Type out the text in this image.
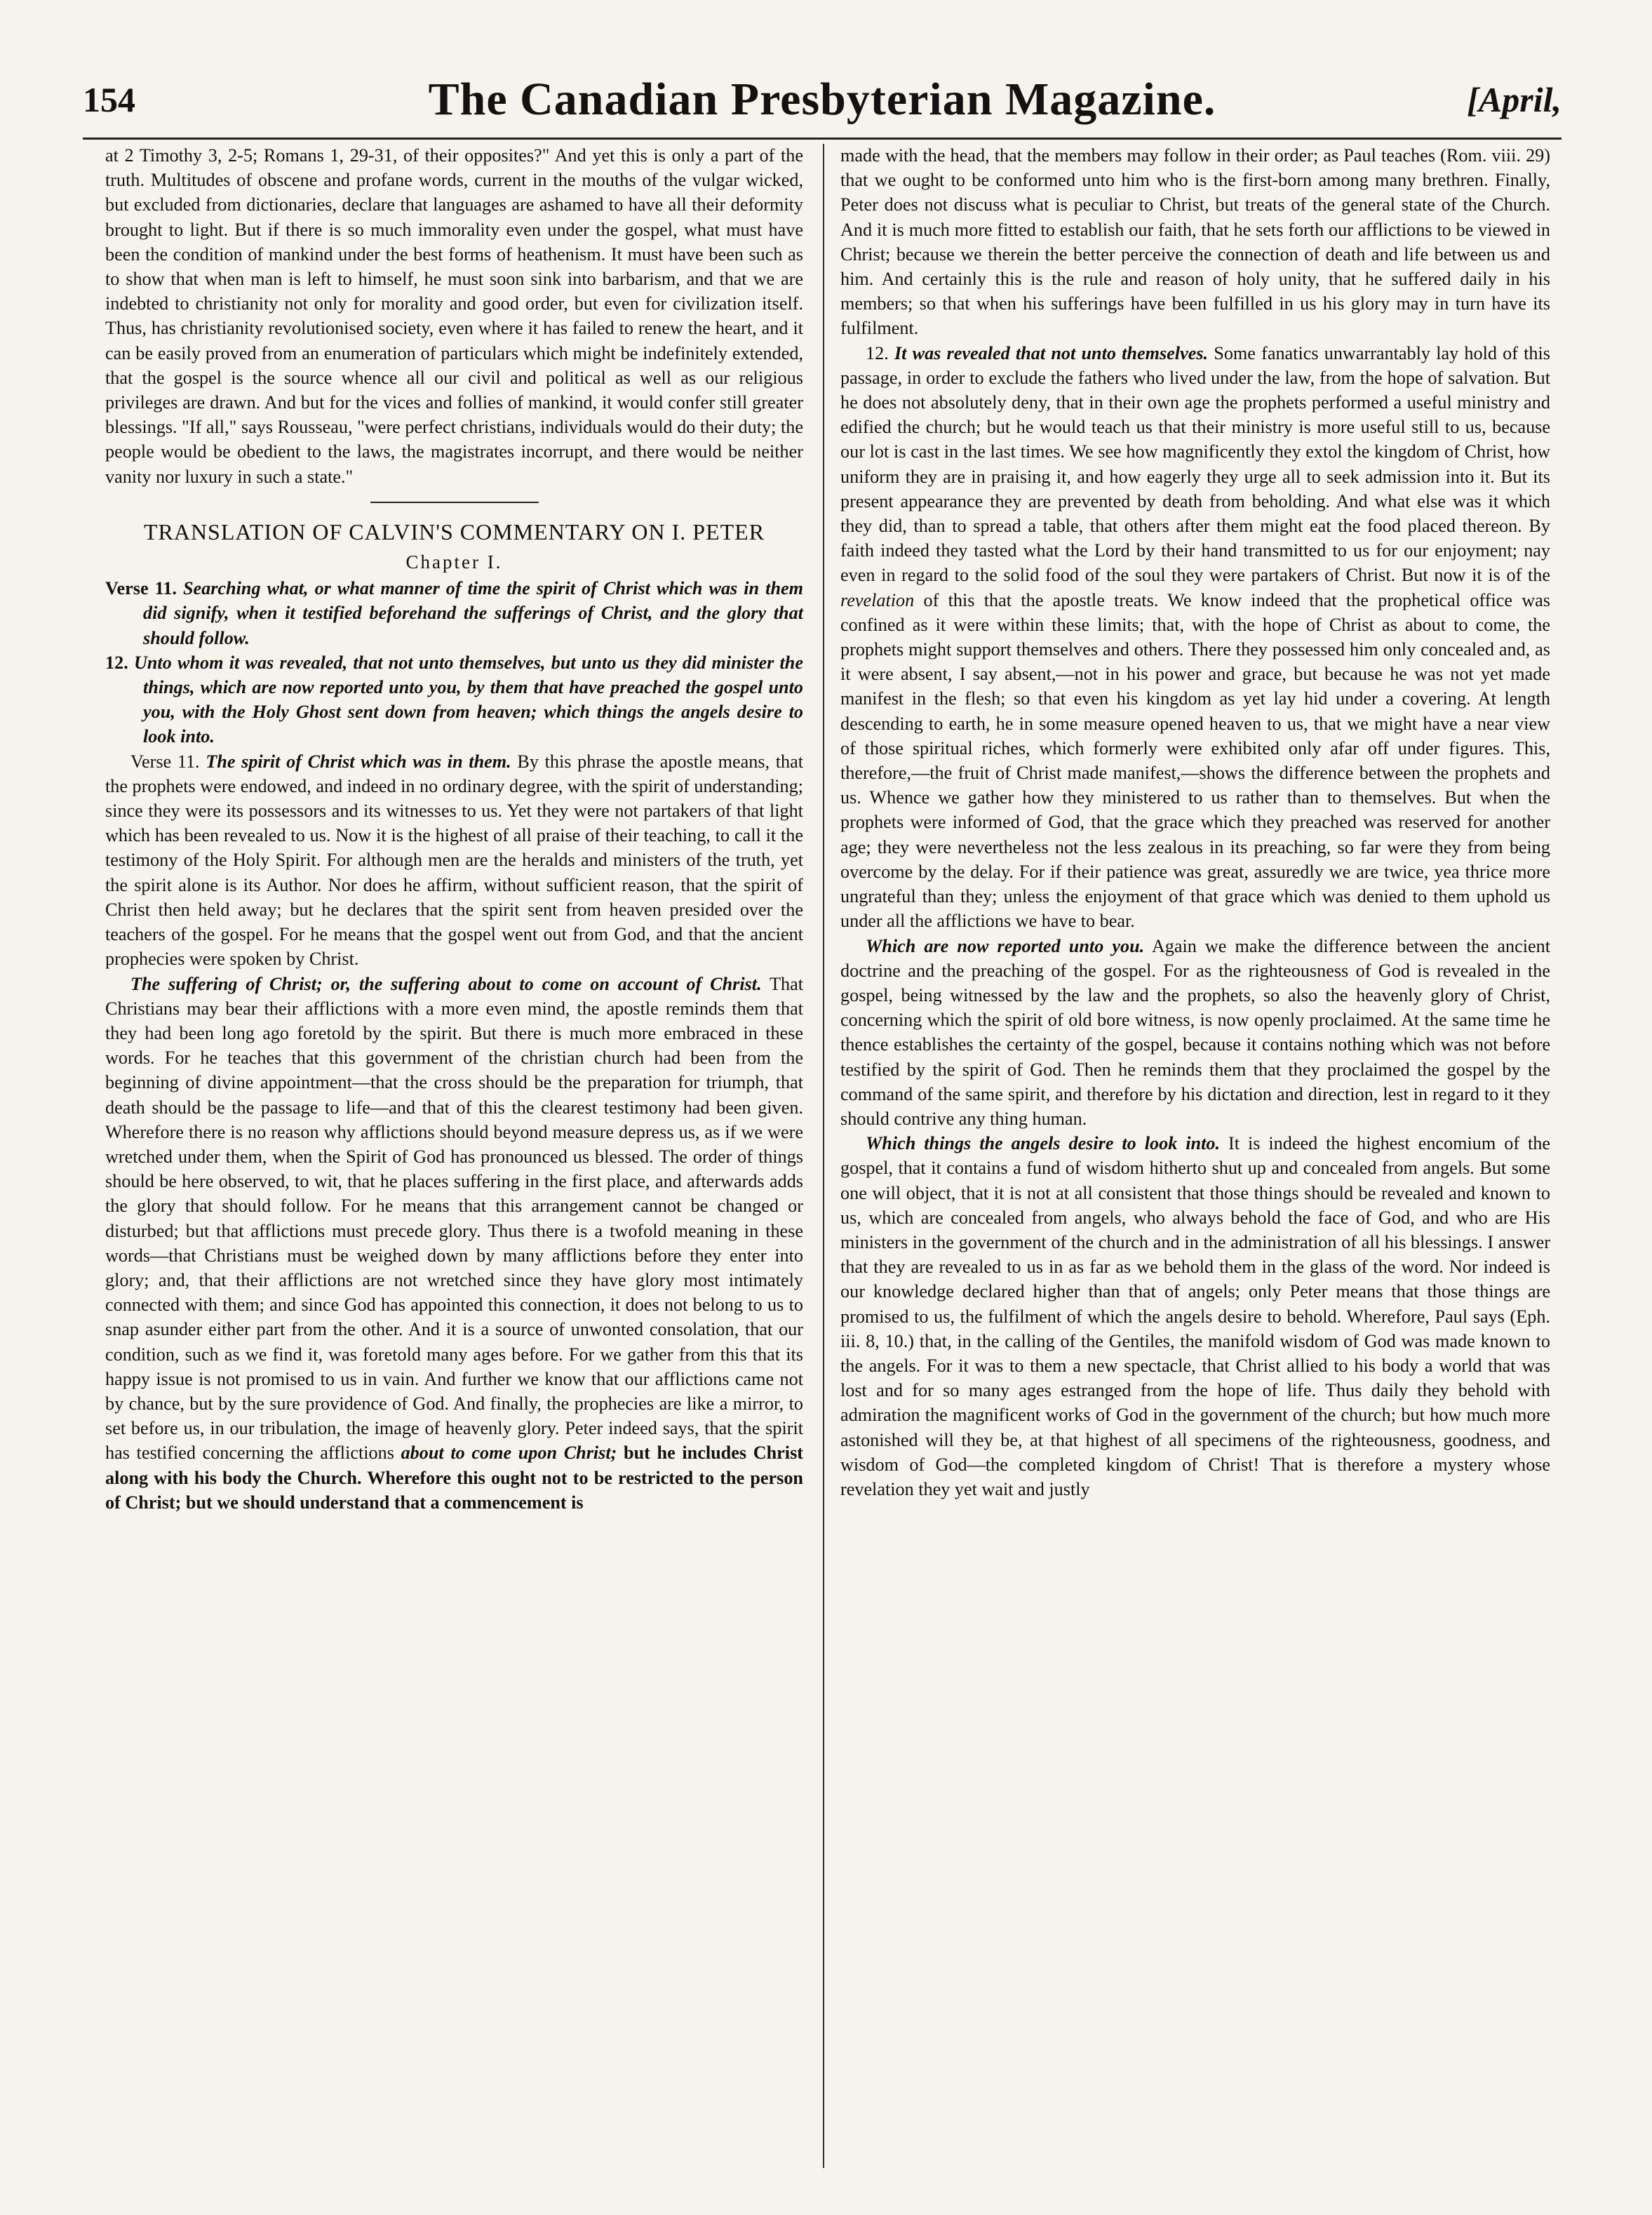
154	The Canadian Presbyterian Magazine.	[April,

at 2 Timothy 3, 2-5; Romans 1, 29-31, of their opposites?" And yet this is only a part of the truth. Multitudes of obscene and profane words, current in the mouths of the vulgar wicked, but excluded from dictionaries, declare that languages are ashamed to have all their deformity brought to light. But if there is so much immorality even under the gospel, what must have been the condition of mankind under the best forms of heathenism. It must have been such as to show that when man is left to himself, he must soon sink into barbarism, and that we are indebted to christianity not only for morality and good order, but even for civilization itself. Thus, has christianity revolutionised society, even where it has failed to renew the heart, and it can be easily proved from an enumeration of particulars which might be indefinitely extended, that the gospel is the source whence all our civil and political as well as our religious privileges are drawn. And but for the vices and follies of mankind, it would confer still greater blessings. "If all," says Rousseau, "were perfect christians, individuals would do their duty; the people would be obedient to the laws, the magistrates incorrupt, and there would be neither vanity nor luxury in such a state."

TRANSLATION OF CALVIN'S COMMENTARY ON I. PETER
Chapter I.

Verse 11. Searching what, or what manner of time the spirit of Christ which was in them did signify, when it testified beforehand the sufferings of Christ, and the glory that should follow.

12. Unto whom it was revealed, that not unto themselves, but unto us they did minister the things, which are now reported unto you, by them that have preached the gospel unto you, with the Holy Ghost sent down from heaven; which things the angels desire to look into.

Verse 11. The spirit of Christ which was in them. By this phrase the apostle means, that the prophets were endowed, and indeed in no ordinary degree, with the spirit of understanding; since they were its possessors and its witnesses to us. Yet they were not partakers of that light which has been revealed to us. Now it is the highest of all praise of their teaching, to call it the testimony of the Holy Spirit. For although men are the heralds and ministers of the truth, yet the spirit alone is its Author. Nor does he affirm, without sufficient reason, that the spirit of Christ then held away; but he declares that the spirit sent from heaven presided over the teachers of the gospel. For he means that the gospel went out from God, and that the ancient prophecies were spoken by Christ.

The suffering of Christ; or, the suffering about to come on account of Christ. That Christians may bear their afflictions with a more even mind, the apostle reminds them that they had been long ago foretold by the spirit. But there is much more embraced in these words. For he teaches that this government of the christian church had been from the beginning of divine appointment—that the cross should be the preparation for triumph, that death should be the passage to life—and that of this the clearest testimony had been given. Wherefore there is no reason why afflictions should beyond measure depress us, as if we were wretched under them, when the Spirit of God has pronounced us blessed. The order of things should be here observed, to wit, that he places suffering in the first place, and afterwards adds the glory that should follow. For he means that this arrangement cannot be changed or disturbed; but that afflictions must precede glory. Thus there is a twofold meaning in these words—that Christians must be weighed down by many afflictions before they enter into glory; and, that their afflictions are not wretched since they have glory most intimately connected with them; and since God has appointed this connection, it does not belong to us to snap asunder either part from the other. And it is a source of unwonted consolation, that our condition, such as we find it, was foretold many ages before. For we gather from this that its happy issue is not promised to us in vain. And further we know that our afflictions came not by chance, but by the sure providence of God. And finally, the prophecies are like a mirror, to set before us, in our tribulation, the image of heavenly glory. Peter indeed says, that the spirit has testified concerning the afflictions about to come upon Christ; but he includes Christ along with his body the Church. Wherefore this ought not to be restricted to the person of Christ; but we should understand that a commencement is

made with the head, that the members may follow in their order; as Paul teaches (Rom. viii. 29) that we ought to be conformed unto him who is the first-born among many brethren. Finally, Peter does not discuss what is peculiar to Christ, but treats of the general state of the Church. And it is much more fitted to establish our faith, that he sets forth our afflictions to be viewed in Christ; because we therein the better perceive the connection of death and life between us and him. And certainly this is the rule and reason of holy unity, that he suffered daily in his members; so that when his sufferings have been fulfilled in us his glory may in turn have its fulfilment.

12. It was revealed that not unto themselves. Some fanatics unwarrantably lay hold of this passage, in order to exclude the fathers who lived under the law, from the hope of salvation. But he does not absolutely deny, that in their own age the prophets performed a useful ministry and edified the church; but he would teach us that their ministry is more useful still to us, because our lot is cast in the last times. We see how magnificently they extol the kingdom of Christ, how uniform they are in praising it, and how eagerly they urge all to seek admission into it. But its present appearance they are prevented by death from beholding. And what else was it which they did, than to spread a table, that others after them might eat the food placed thereon. By faith indeed they tasted what the Lord by their hand transmitted to us for our enjoyment; nay even in regard to the solid food of the soul they were partakers of Christ. But now it is of the revelation of this that the apostle treats. We know indeed that the prophetical office was confined as it were within these limits; that, with the hope of Christ as about to come, the prophets might support themselves and others. There they possessed him only concealed and, as it were absent, I say absent,—not in his power and grace, but because he was not yet made manifest in the flesh; so that even his kingdom as yet lay hid under a covering. At length descending to earth, he in some measure opened heaven to us, that we might have a near view of those spiritual riches, which formerly were exhibited only afar off under figures. This, therefore,—the fruit of Christ made manifest,—shows the difference between the prophets and us. Whence we gather how they ministered to us rather than to themselves. But when the prophets were informed of God, that the grace which they preached was reserved for another age; they were nevertheless not the less zealous in its preaching, so far were they from being overcome by the delay. For if their patience was great, assuredly we are twice, yea thrice more ungrateful than they; unless the enjoyment of that grace which was denied to them uphold us under all the afflictions we have to bear.

Which are now reported unto you. Again we make the difference between the ancient doctrine and the preaching of the gospel. For as the righteousness of God is revealed in the gospel, being witnessed by the law and the prophets, so also the heavenly glory of Christ, concerning which the spirit of old bore witness, is now openly proclaimed. At the same time he thence establishes the certainty of the gospel, because it contains nothing which was not before testified by the spirit of God. Then he reminds them that they proclaimed the gospel by the command of the same spirit, and therefore by his dictation and direction, lest in regard to it they should contrive any thing human.

Which things the angels desire to look into. It is indeed the highest encomium of the gospel, that it contains a fund of wisdom hitherto shut up and concealed from angels. But some one will object, that it is not at all consistent that those things should be revealed and known to us, which are concealed from angels, who always behold the face of God, and who are His ministers in the government of the church and in the administration of all his blessings. I answer that they are revealed to us in as far as we behold them in the glass of the word. Nor indeed is our knowledge declared higher than that of angels; only Peter means that those things are promised to us, the fulfilment of which the angels desire to behold. Wherefore, Paul says (Eph. iii. 8, 10.) that, in the calling of the Gentiles, the manifold wisdom of God was made known to the angels. For it was to them a new spectacle, that Christ allied to his body a world that was lost and for so many ages estranged from the hope of life. Thus daily they behold with admiration the magnificent works of God in the government of the church; but how much more astonished will they be, at that highest of all specimens of the righteousness, goodness, and wisdom of God—the completed kingdom of Christ! That is therefore a mystery whose revelation they yet wait and justly
